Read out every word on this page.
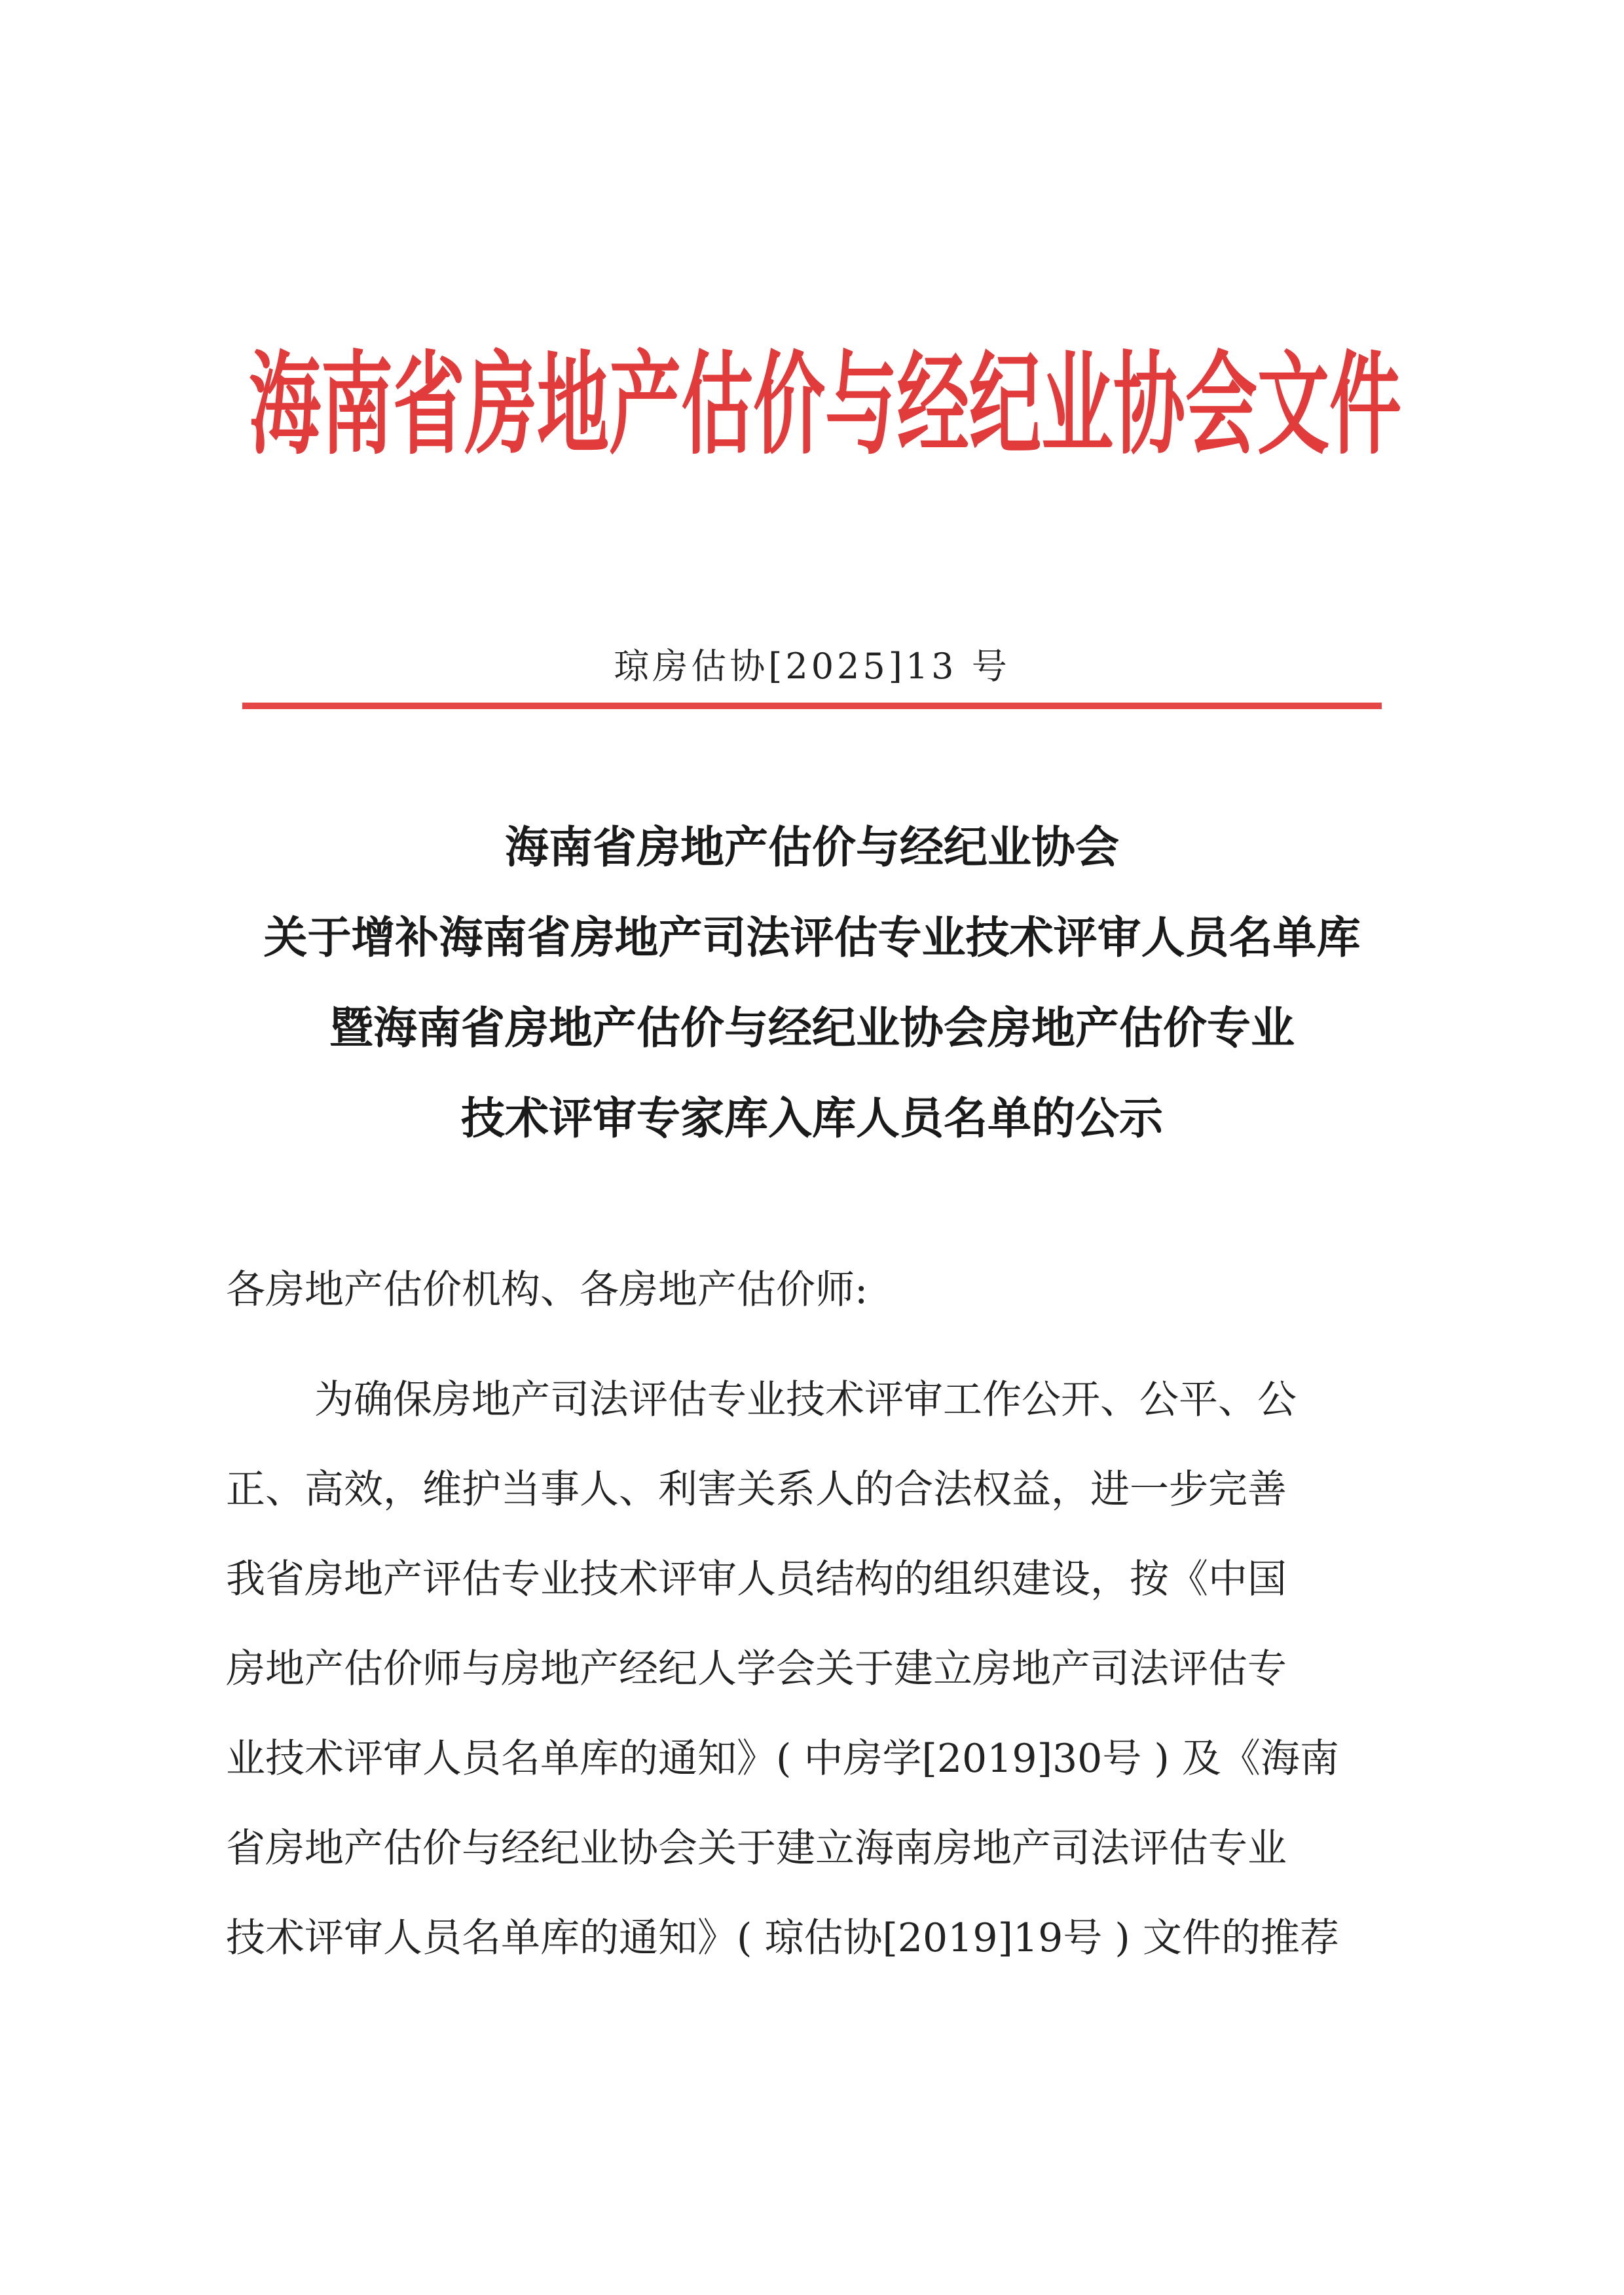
海南省房地产估价与经纪业协会文件
琼房估协[2025]13 号
海南省房地产估价与经纪业协会
关于增补海南省房地产司法评估专业技术评审人员名单库
暨海南省房地产估价与经纪业协会房地产估价专业
技术评审专家库入库人员名单的公示
各房地产估价机构、各房地产估价师:
为确保房地产司法评估专业技术评审工作公开、公平、公
正、高效，维护当事人、利害关系人的合法权益，进一步完善
我省房地产评估专业技术评审人员结构的组织建设，按《中国
房地产估价师与房地产经纪人学会关于建立房地产司法评估专
业技术评审人员名单库的通知》( 中房学[2019]30号 ) 及《海南
省房地产估价与经纪业协会关于建立海南房地产司法评估专业
技术评审人员名单库的通知》( 琼估协[2019]19号 ) 文件的推荐
